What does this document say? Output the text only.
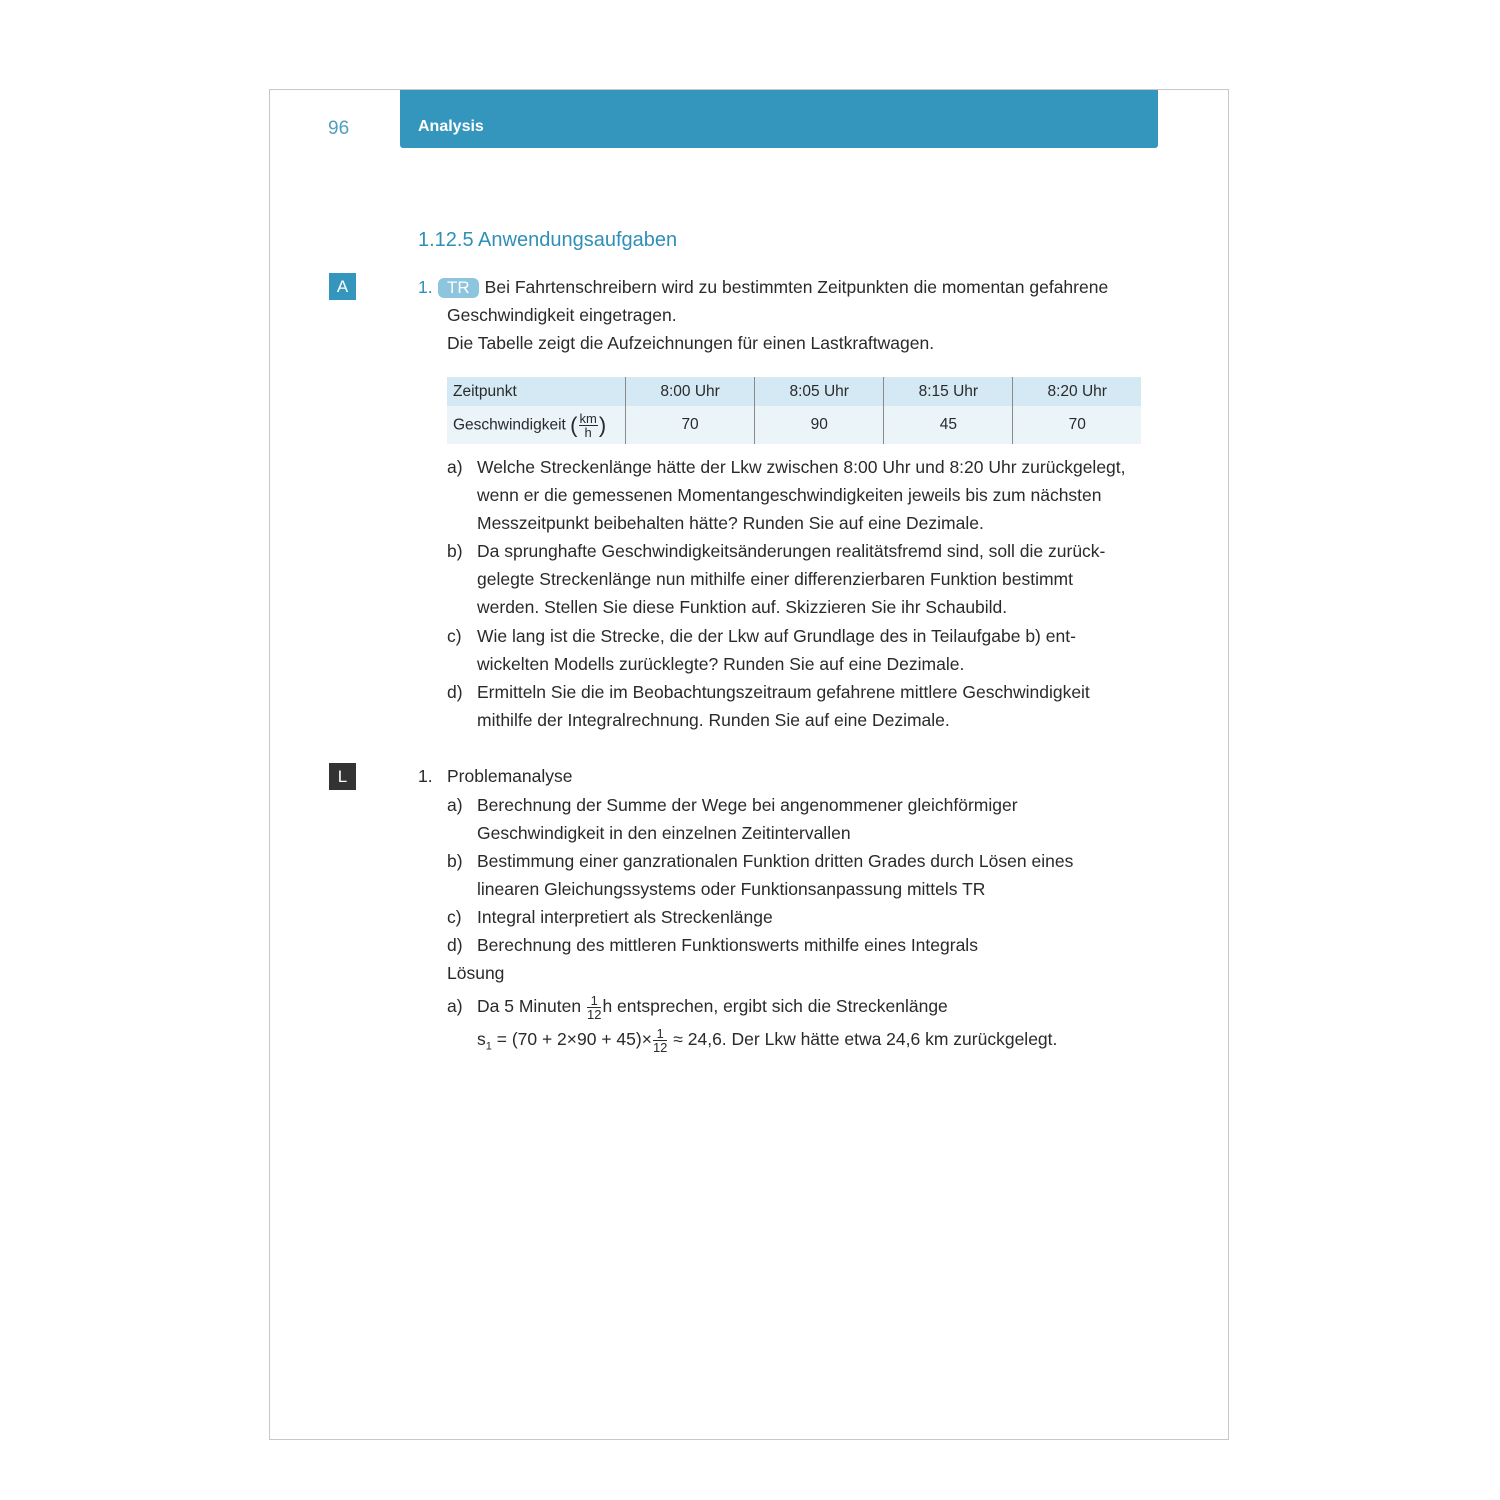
96	Analysis
1.12.5 Anwendungsaufgaben
A	1. TR Bei Fahrtenschreibern wird zu bestimmten Zeitpunkten die momentan gefahrene
Geschwindigkeit eingetragen.
Die Tabelle zeigt die Aufzeichnungen für einen Lastkraftwagen.
Zeitpunkt	8:00 Uhr	8:05 Uhr	8:15 Uhr	8:20 Uhr
Geschwindigkeit ( $\frac{km}{h}$ )	70	90	45	70
a) Welche Streckenlänge hätte der Lkw zwischen 8:00 Uhr und 8:20 Uhr zurückgelegt,
wenn er die gemessenen Momentangeschwindigkeiten jeweils bis zum nächsten
Messzeitpunkt beibehalten hätte? Runden Sie auf eine Dezimale.
b) Da sprunghafte Geschwindigkeitsänderungen realitätsfremd sind, soll die zurück-
gelegte Streckenlänge nun mithilfe einer differenzierbaren Funktion bestimmt
werden. Stellen Sie diese Funktion auf. Skizzieren Sie ihr Schaubild.
c) Wie lang ist die Strecke, die der Lkw auf Grundlage des in Teilaufgabe b) ent-
wickelten Modells zurücklegte? Runden Sie auf eine Dezimale.
d) Ermitteln Sie die im Beobachtungszeitraum gefahrene mittlere Geschwindigkeit
mithilfe der Integralrechnung. Runden Sie auf eine Dezimale.
L	1. Problemanalyse
a) Berechnung der Summe der Wege bei angenommener gleichförmiger
Geschwindigkeit in den einzelnen Zeitintervallen
b) Bestimmung einer ganzrationalen Funktion dritten Grades durch Lösen eines
linearen Gleichungssystems oder Funktionsanpassung mittels TR
c) Integral interpretiert als Streckenlänge
d) Berechnung des mittleren Funktionswerts mithilfe eines Integrals
Lösung
a) Da 5 Minuten $\frac{1}{12}$ h entsprechen, ergibt sich die Streckenlänge
$s_1 = (70 + 2\times 90 + 45)\times \frac{1}{12} \approx 24,6$. Der Lkw hätte etwa 24,6 km zurückgelegt.
